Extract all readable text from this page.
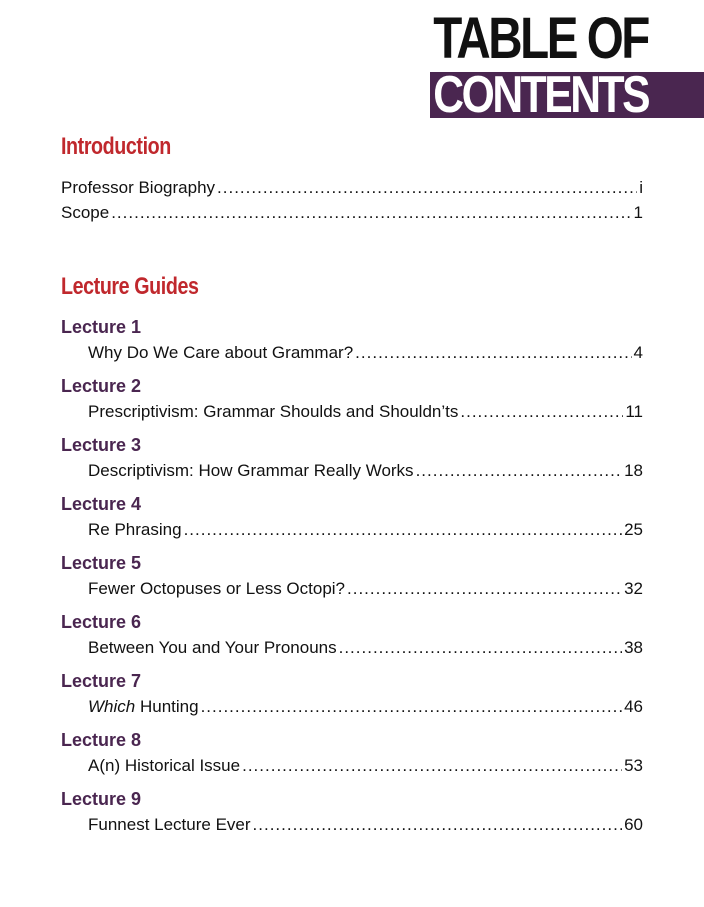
TABLE OF
CONTENTS
Introduction
Professor Biography .....	i
Scope .....	1
Lecture Guides
Lecture 1
Why Do We Care about Grammar? .....	4
Lecture 2
Prescriptivism: Grammar Shoulds and Shouldn’ts .....	11
Lecture 3
Descriptivism: How Grammar Really Works .....	18
Lecture 4
Re Phrasing .....	25
Lecture 5
Fewer Octopuses or Less Octopi? .....	32
Lecture 6
Between You and Your Pronouns .....	38
Lecture 7
Which Hunting .....	46
Lecture 8
A(n) Historical Issue .....	53
Lecture 9
Funnest Lecture Ever .....	60
